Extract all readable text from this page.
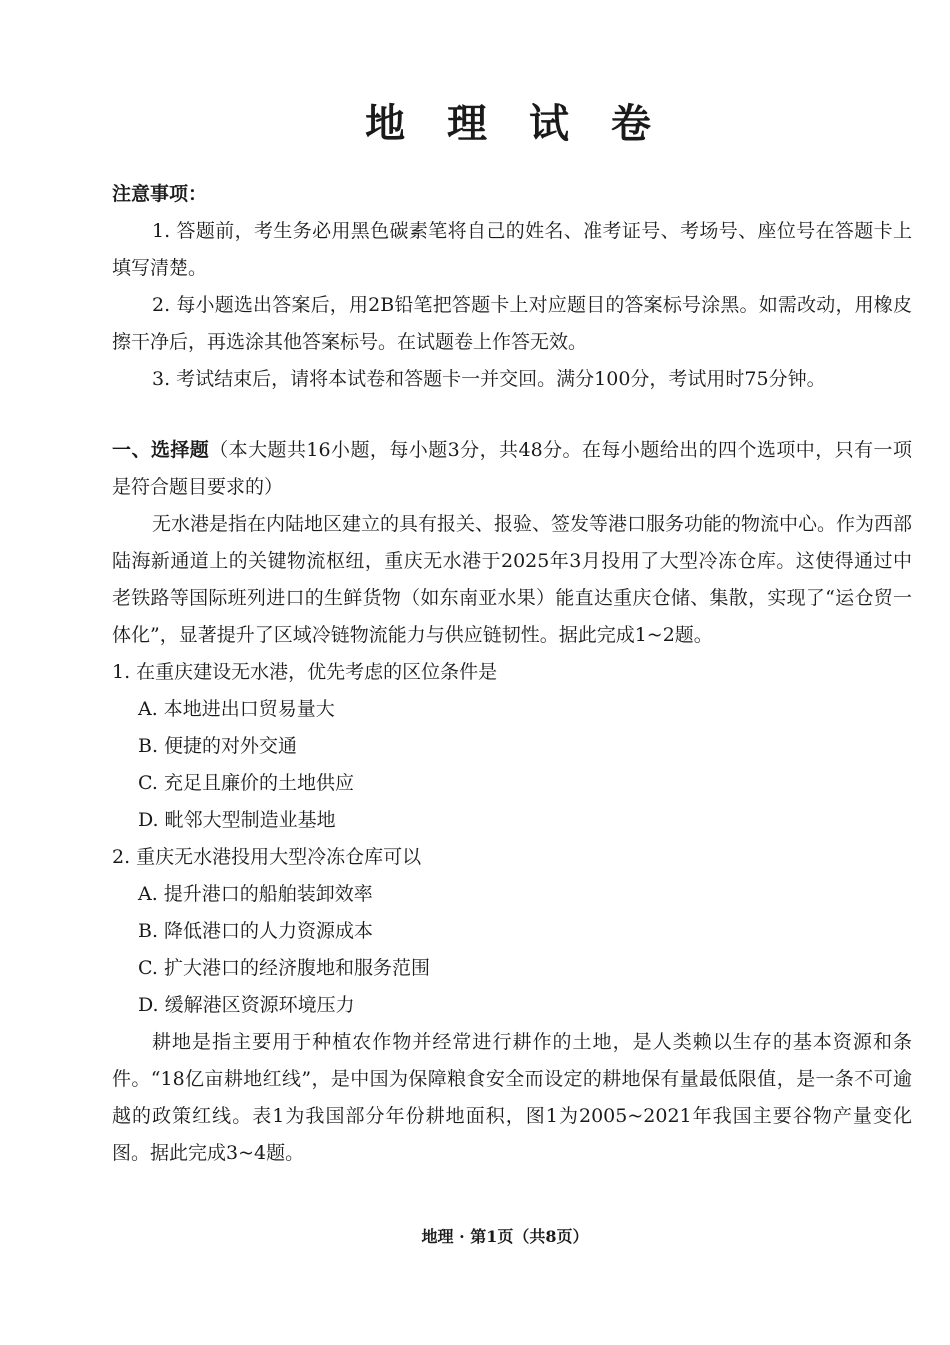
地 理 试 卷

注意事项：

1. 答题前，考生务必用黑色碳素笔将自己的姓名、准考证号、考场号、座位号在答题卡上填写清楚。

2. 每小题选出答案后，用2B铅笔把答题卡上对应题目的答案标号涂黑。如需改动，用橡皮擦干净后，再选涂其他答案标号。在试题卷上作答无效。

3. 考试结束后，请将本试卷和答题卡一并交回。满分100分，考试用时75分钟。

一、选择题（本大题共16小题，每小题3分，共48分。在每小题给出的四个选项中，只有一项是符合题目要求的）

无水港是指在内陆地区建立的具有报关、报验、签发等港口服务功能的物流中心。作为西部陆海新通道上的关键物流枢纽，重庆无水港于2025年3月投用了大型冷冻仓库。这使得通过中老铁路等国际班列进口的生鲜货物（如东南亚水果）能直达重庆仓储、集散，实现了“运仓贸一体化”，显著提升了区域冷链物流能力与供应链韧性。据此完成1~2题。

1. 在重庆建设无水港，优先考虑的区位条件是

A. 本地进出口贸易量大

B. 便捷的对外交通

C. 充足且廉价的土地供应

D. 毗邻大型制造业基地

2. 重庆无水港投用大型冷冻仓库可以

A. 提升港口的船舶装卸效率

B. 降低港口的人力资源成本

C. 扩大港口的经济腹地和服务范围

D. 缓解港区资源环境压力

耕地是指主要用于种植农作物并经常进行耕作的土地，是人类赖以生存的基本资源和条件。“18亿亩耕地红线”，是中国为保障粮食安全而设定的耕地保有量最低限值，是一条不可逾越的政策红线。表1为我国部分年份耕地面积，图1为2005~2021年我国主要谷物产量变化图。据此完成3~4题。

地理 · 第1页（共8页）
